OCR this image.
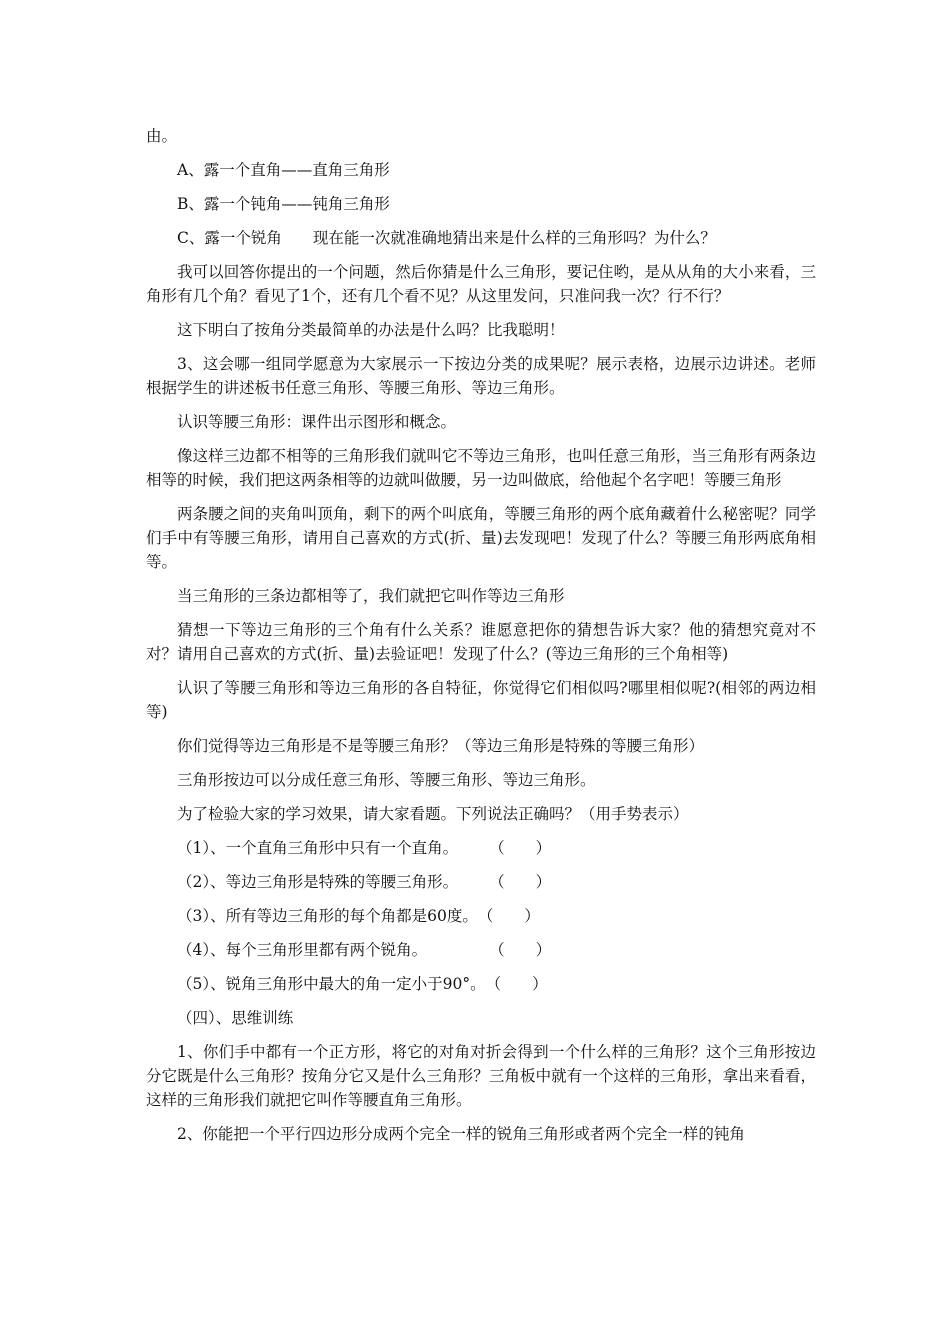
由。

A、露一个直角——直角三角形

B、露一个钝角——钝角三角形

C、露一个锐角　　现在能一次就准确地猜出来是什么样的三角形吗？为什么？

我可以回答你提出的一个问题，然后你猜是什么三角形，要记住哟，是从从角的大小来看，三角形有几个角？看见了1个，还有几个看不见？从这里发问，只准问我一次？行不行？

这下明白了按角分类最简单的办法是什么吗？比我聪明！

3、这会哪一组同学愿意为大家展示一下按边分类的成果呢？展示表格，边展示边讲述。老师根据学生的讲述板书任意三角形、等腰三角形、等边三角形。

认识等腰三角形：课件出示图形和概念。

像这样三边都不相等的三角形我们就叫它不等边三角形，也叫任意三角形，当三角形有两条边相等的时候，我们把这两条相等的边就叫做腰，另一边叫做底，给他起个名字吧！等腰三角形

两条腰之间的夹角叫顶角，剩下的两个叫底角，等腰三角形的两个底角藏着什么秘密呢？同学们手中有等腰三角形，请用自己喜欢的方式(折、量)去发现吧！发现了什么？等腰三角形两底角相等。

当三角形的三条边都相等了，我们就把它叫作等边三角形

猜想一下等边三角形的三个角有什么关系？谁愿意把你的猜想告诉大家？他的猜想究竟对不对？请用自己喜欢的方式(折、量)去验证吧！发现了什么？(等边三角形的三个角相等)

认识了等腰三角形和等边三角形的各自特征，你觉得它们相似吗?哪里相似呢?(相邻的两边相等)

你们觉得等边三角形是不是等腰三角形？（等边三角形是特殊的等腰三角形）

三角形按边可以分成任意三角形、等腰三角形、等边三角形。

为了检验大家的学习效果，请大家看题。下列说法正确吗？（用手势表示）

（1）、一个直角三角形中只有一个直角。　　　（　　）

（2）、等边三角形是特殊的等腰三角形。　　　（　　）

（3）、所有等边三角形的每个角都是60度。　（　　）

（4）、每个三角形里都有两个锐角。　　　　　（　　）

（5）、锐角三角形中最大的角一定小于90°。　（　　）

（四）、思维训练

1、你们手中都有一个正方形，将它的对角对折会得到一个什么样的三角形？这个三角形按边分它既是什么三角形？按角分它又是什么三角形？三角板中就有一个这样的三角形，拿出来看看，这样的三角形我们就把它叫作等腰直角三角形。

2、你能把一个平行四边形分成两个完全一样的锐角三角形或者两个完全一样的钝角
